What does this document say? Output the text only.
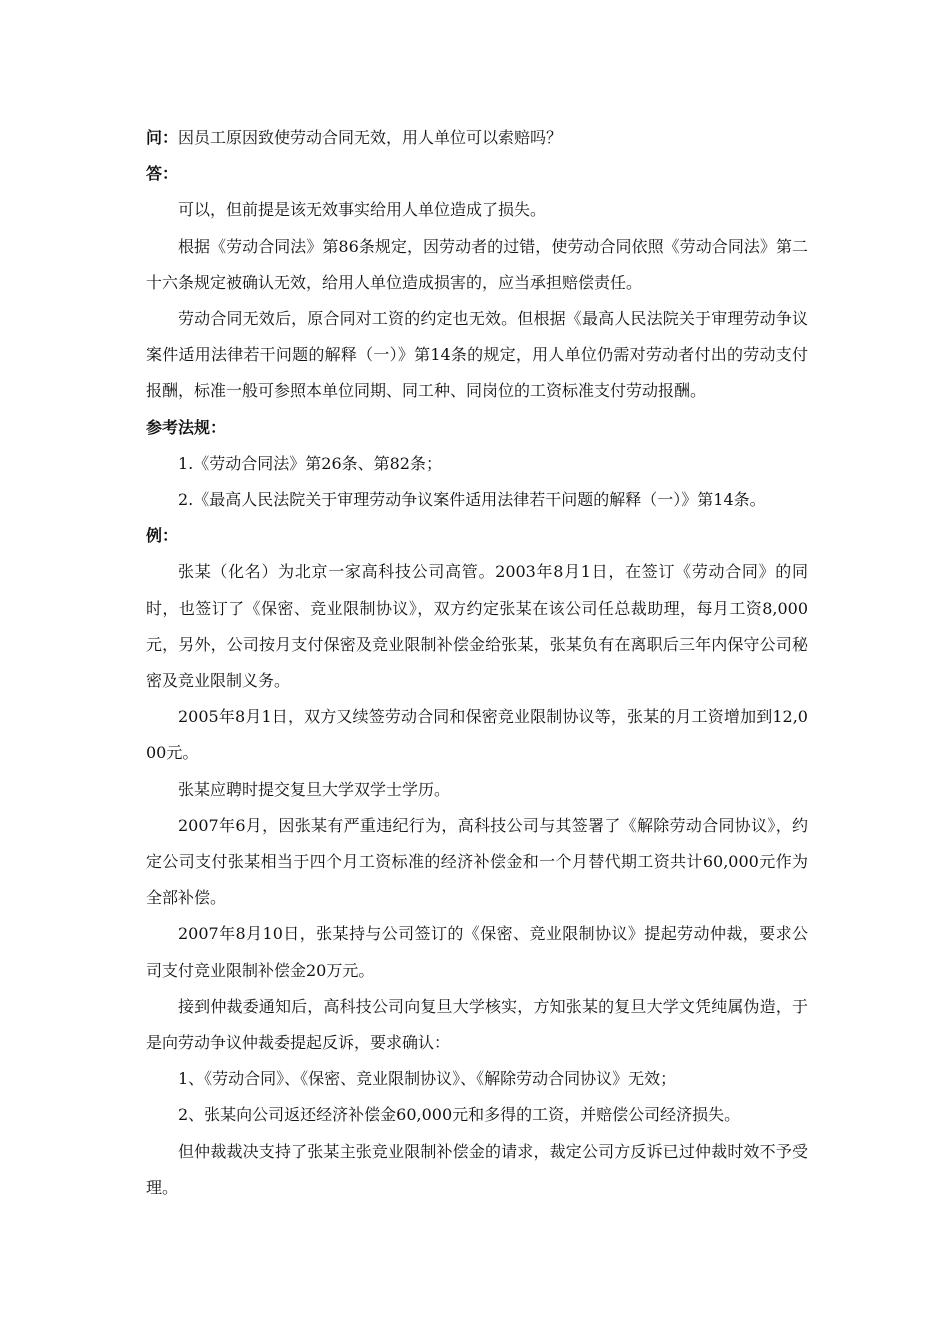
问：因员工原因致使劳动合同无效，用人单位可以索赔吗？

答：

可以，但前提是该无效事实给用人单位造成了损失。

根据《劳动合同法》第86条规定，因劳动者的过错，使劳动合同依照《劳动合同法》第二十六条规定被确认无效，给用人单位造成损害的，应当承担赔偿责任。

劳动合同无效后，原合同对工资的约定也无效。但根据《最高人民法院关于审理劳动争议案件适用法律若干问题的解释（一）》第14条的规定，用人单位仍需对劳动者付出的劳动支付报酬，标准一般可参照本单位同期、同工种、同岗位的工资标准支付劳动报酬。

参考法规：

1.《劳动合同法》第26条、第82条；

2.《最高人民法院关于审理劳动争议案件适用法律若干问题的解释（一）》第14条。

例：

张某（化名）为北京一家高科技公司高管。2003年8月1日，在签订《劳动合同》的同时，也签订了《保密、竞业限制协议》，双方约定张某在该公司任总裁助理，每月工资8,000元，另外，公司按月支付保密及竞业限制补偿金给张某，张某负有在离职后三年内保守公司秘密及竞业限制义务。

2005年8月1日，双方又续签劳动合同和保密竞业限制协议等，张某的月工资增加到12,000元。

张某应聘时提交复旦大学双学士学历。

2007年6月，因张某有严重违纪行为，高科技公司与其签署了《解除劳动合同协议》，约定公司支付张某相当于四个月工资标准的经济补偿金和一个月替代期工资共计60,000元作为全部补偿。

2007年8月10日，张某持与公司签订的《保密、竞业限制协议》提起劳动仲裁，要求公司支付竞业限制补偿金20万元。

接到仲裁委通知后，高科技公司向复旦大学核实，方知张某的复旦大学文凭纯属伪造，于是向劳动争议仲裁委提起反诉，要求确认：

1、《劳动合同》、《保密、竞业限制协议》、《解除劳动合同协议》无效；

2、张某向公司返还经济补偿金60,000元和多得的工资，并赔偿公司经济损失。

但仲裁裁决支持了张某主张竞业限制补偿金的请求，裁定公司方反诉已过仲裁时效不予受理。
